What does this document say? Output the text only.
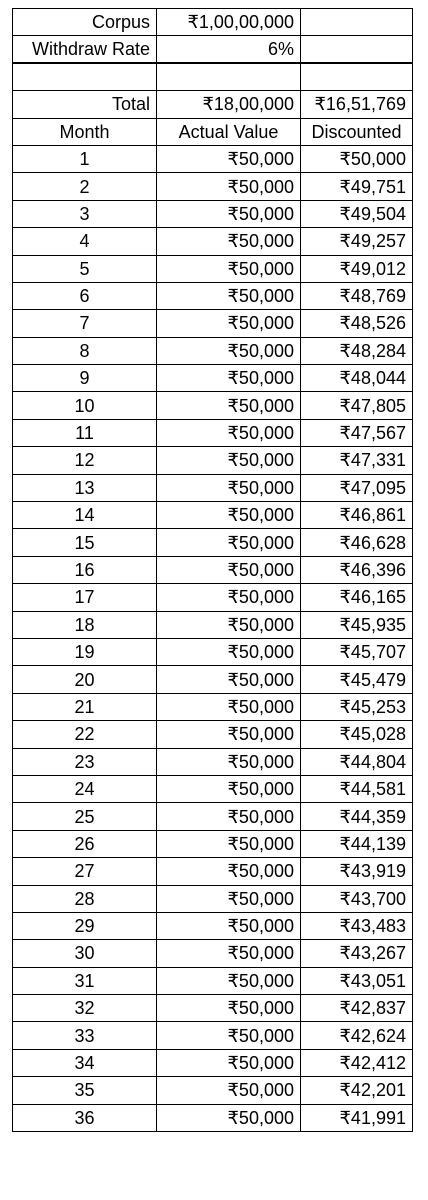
Corpus	₹1,00,00,000	
Withdraw Rate	6%	

Total	₹18,00,000	₹16,51,769
Month	Actual Value	Discounted
1	₹50,000	₹50,000
2	₹50,000	₹49,751
3	₹50,000	₹49,504
4	₹50,000	₹49,257
5	₹50,000	₹49,012
6	₹50,000	₹48,769
7	₹50,000	₹48,526
8	₹50,000	₹48,284
9	₹50,000	₹48,044
10	₹50,000	₹47,805
11	₹50,000	₹47,567
12	₹50,000	₹47,331
13	₹50,000	₹47,095
14	₹50,000	₹46,861
15	₹50,000	₹46,628
16	₹50,000	₹46,396
17	₹50,000	₹46,165
18	₹50,000	₹45,935
19	₹50,000	₹45,707
20	₹50,000	₹45,479
21	₹50,000	₹45,253
22	₹50,000	₹45,028
23	₹50,000	₹44,804
24	₹50,000	₹44,581
25	₹50,000	₹44,359
26	₹50,000	₹44,139
27	₹50,000	₹43,919
28	₹50,000	₹43,700
29	₹50,000	₹43,483
30	₹50,000	₹43,267
31	₹50,000	₹43,051
32	₹50,000	₹42,837
33	₹50,000	₹42,624
34	₹50,000	₹42,412
35	₹50,000	₹42,201
36	₹50,000	₹41,991
